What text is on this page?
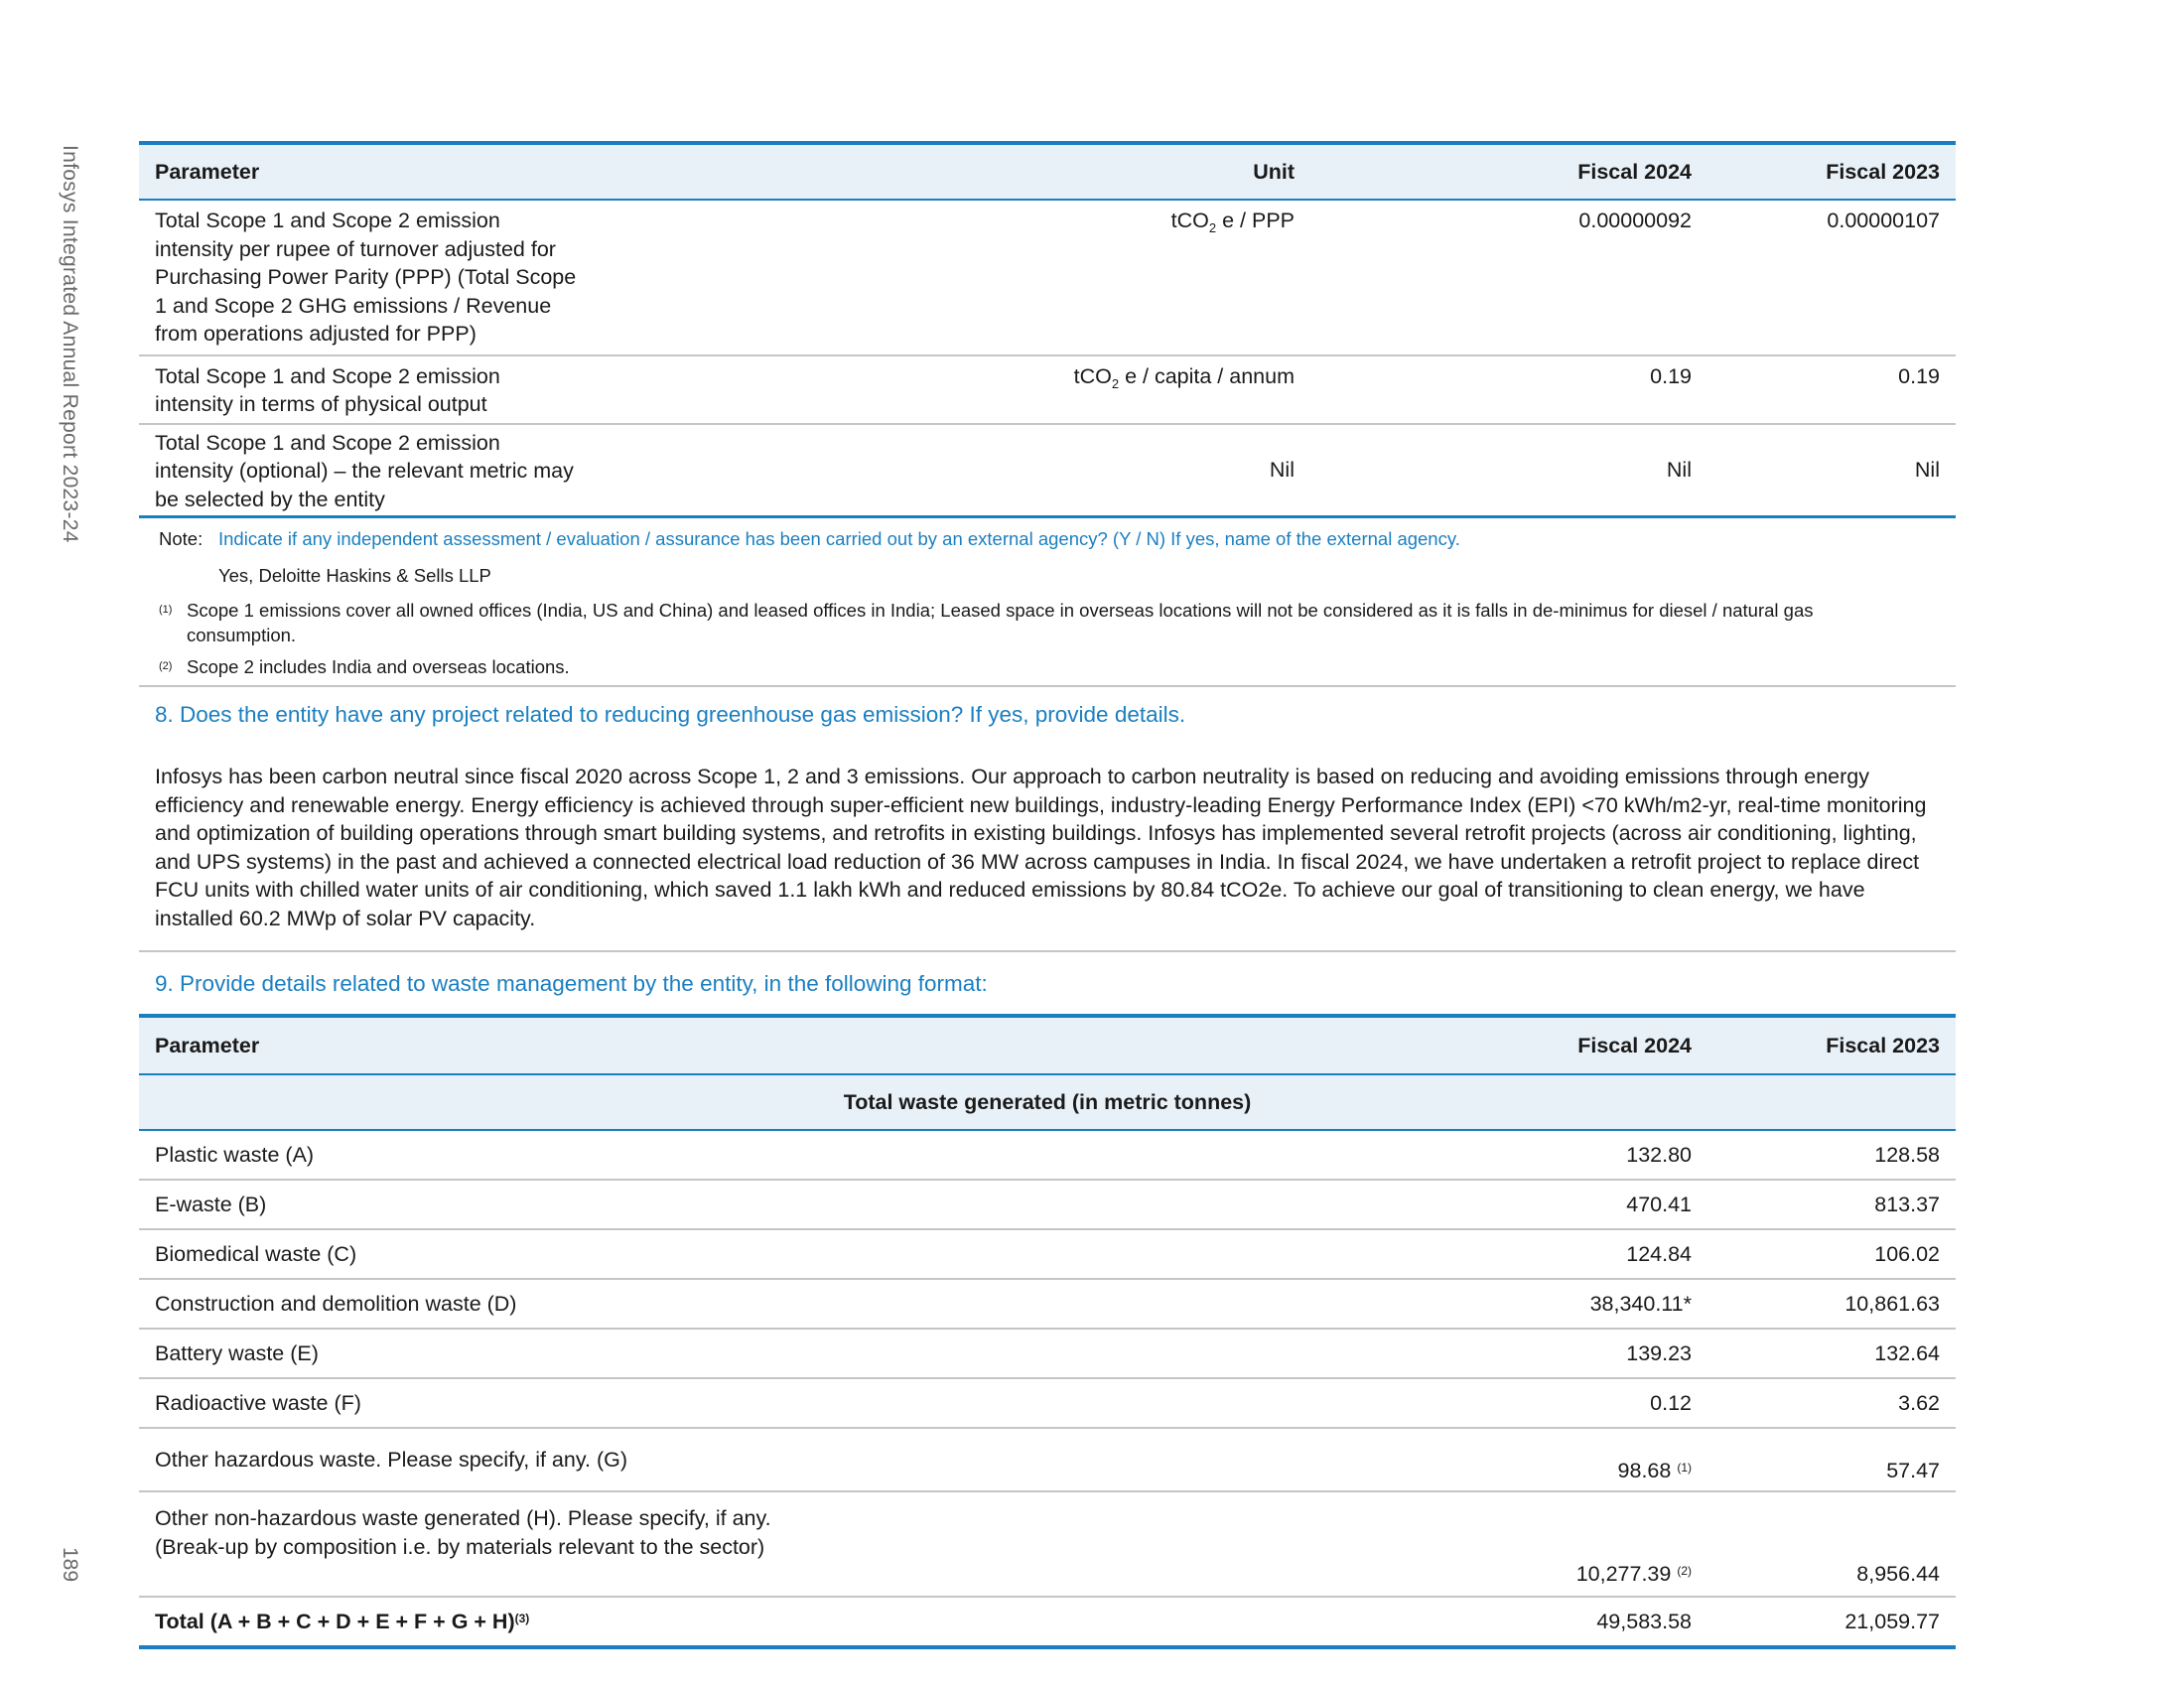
Infosys Integrated Annual Report 2023-24
189
Parameter	Unit	Fiscal 2024	Fiscal 2023
Total Scope 1 and Scope 2 emission intensity per rupee of turnover adjusted for Purchasing Power Parity (PPP) (Total Scope 1 and Scope 2 GHG emissions / Revenue from operations adjusted for PPP)	tCO$_2$ e / PPP	0.00000092	0.00000107
Total Scope 1 and Scope 2 emission intensity in terms of physical output	tCO$_2$ e / capita / annum	0.19	0.19
Total Scope 1 and Scope 2 emission intensity (optional) – the relevant metric may be selected by the entity	Nil	Nil	Nil
Note: Indicate if any independent assessment / evaluation / assurance has been carried out by an external agency? (Y / N) If yes, name of the external agency.
Yes, Deloitte Haskins & Sells LLP
(1) Scope 1 emissions cover all owned offices (India, US and China) and leased offices in India; Leased space in overseas locations will not be considered as it is falls in de-minimus for diesel / natural gas consumption.
(2) Scope 2 includes India and overseas locations.
8. Does the entity have any project related to reducing greenhouse gas emission? If yes, provide details.
Infosys has been carbon neutral since fiscal 2020 across Scope 1, 2 and 3 emissions. Our approach to carbon neutrality is based on reducing and avoiding emissions through energy efficiency and renewable energy. Energy efficiency is achieved through super-efficient new buildings, industry-leading Energy Performance Index (EPI) <70 kWh/m2-yr, real-time monitoring and optimization of building operations through smart building systems, and retrofits in existing buildings. Infosys has implemented several retrofit projects (across air conditioning, lighting, and UPS systems) in the past and achieved a connected electrical load reduction of 36 MW across campuses in India. In fiscal 2024, we have undertaken a retrofit project to replace direct FCU units with chilled water units of air conditioning, which saved 1.1 lakh kWh and reduced emissions by 80.84 tCO2e. To achieve our goal of transitioning to clean energy, we have installed 60.2 MWp of solar PV capacity.
9. Provide details related to waste management by the entity, in the following format:
Parameter	Fiscal 2024	Fiscal 2023
Total waste generated (in metric tonnes)		
Plastic waste (A)	132.80	128.58
E-waste (B)	470.41	813.37
Biomedical waste (C)	124.84	106.02
Construction and demolition waste (D)	38,340.11*	10,861.63
Battery waste (E)	139.23	132.64
Radioactive waste (F)	0.12	3.62
Other hazardous waste. Please specify, if any. (G)	98.68 $^{(1)}$	57.47
Other non-hazardous waste generated (H). Please specify, if any. (Break-up by composition i.e. by materials relevant to the sector)	10,277.39 $^{(2)}$	8,956.44
Total $(A + B + C + D + E + F + G + H)^{(3)}$	49,583.58	21,059.77
